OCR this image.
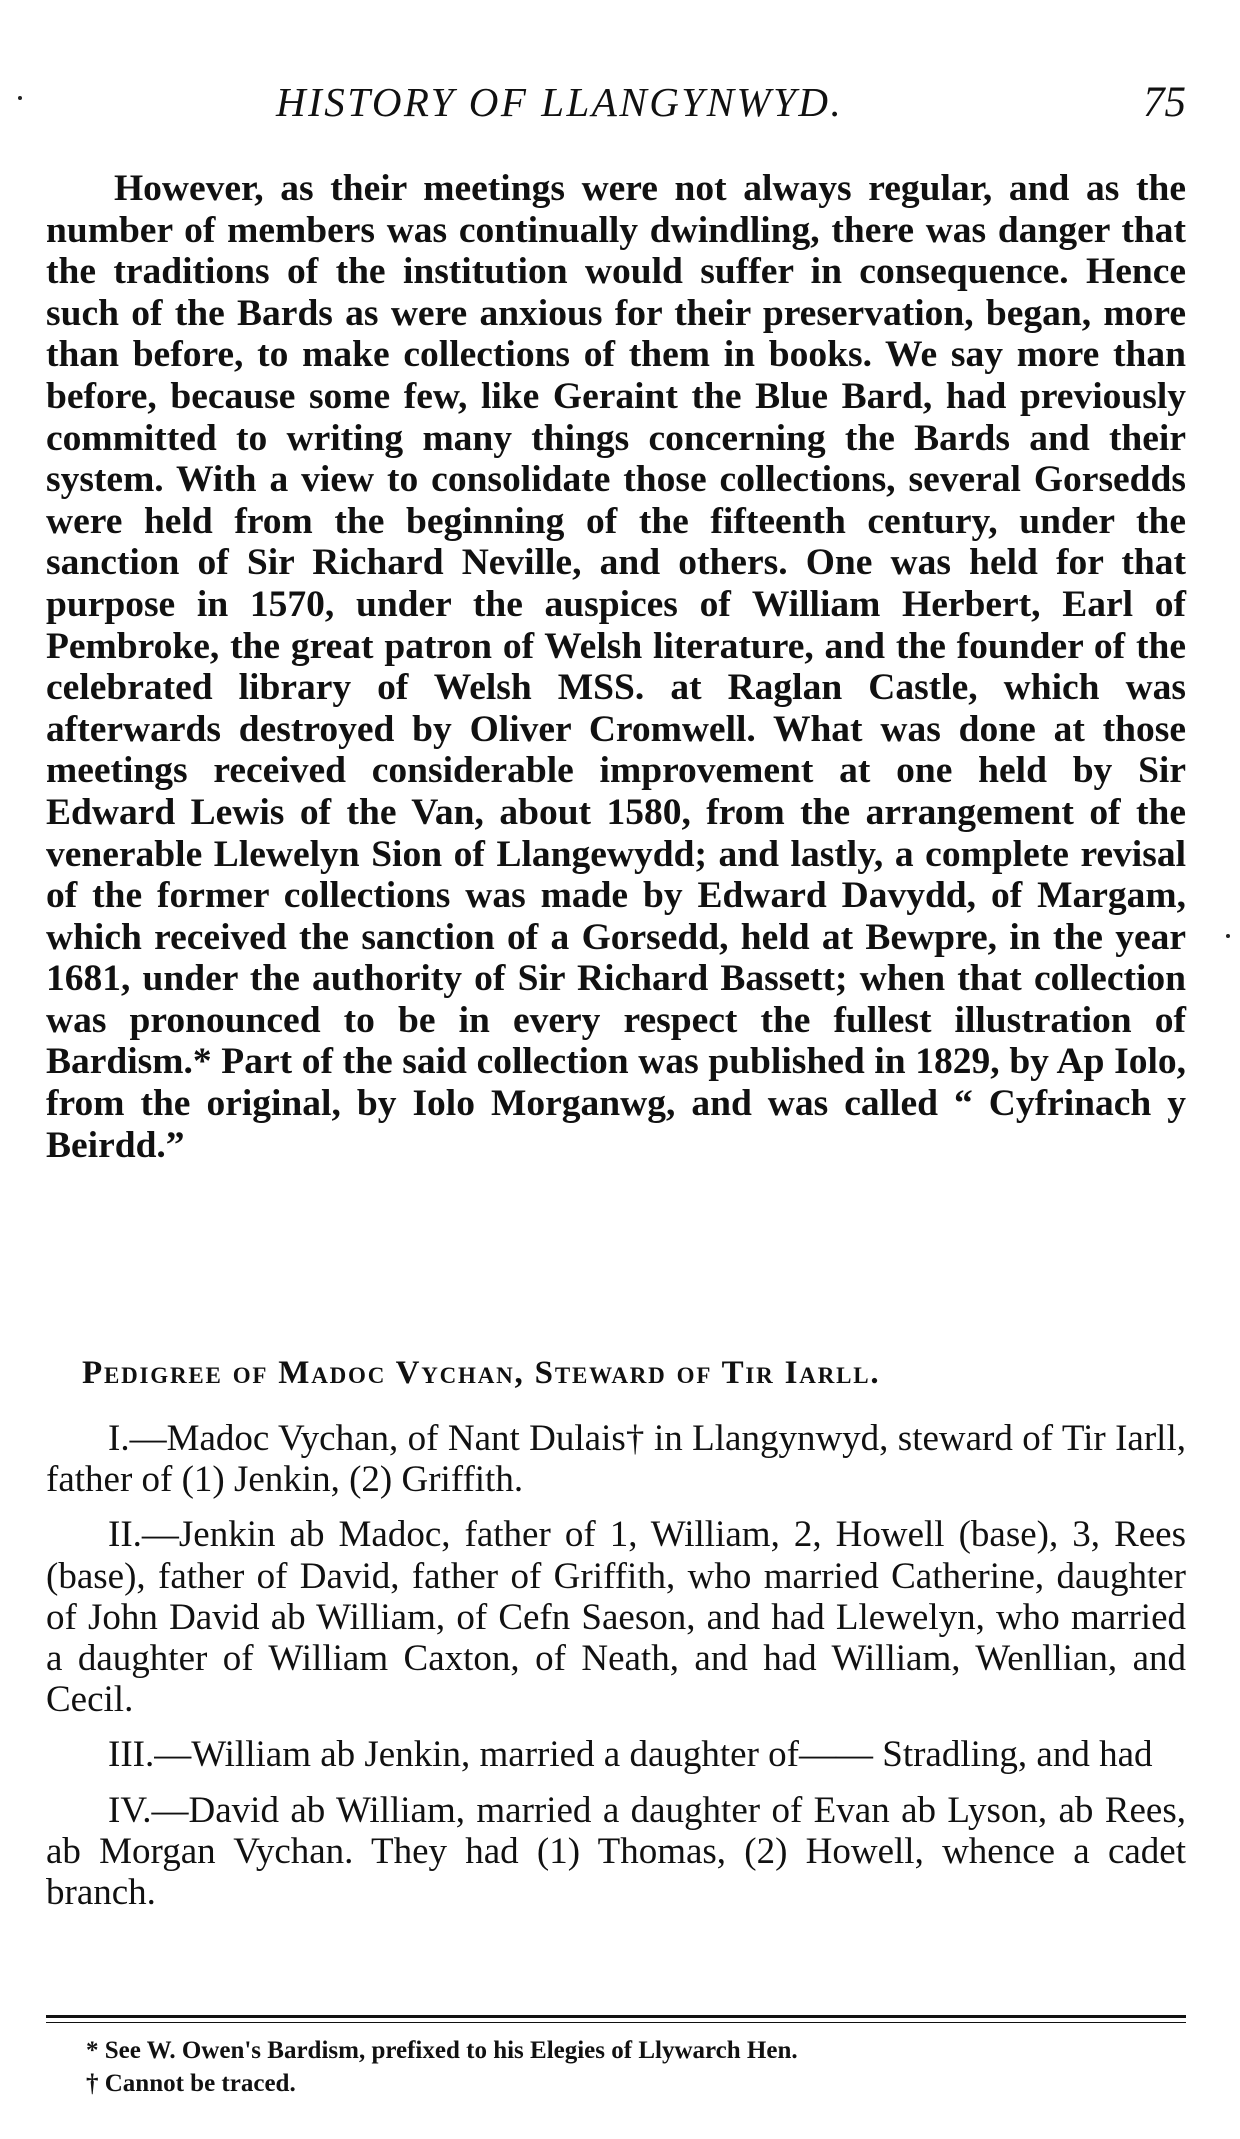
HISTORY OF LLANGYNWYD.	75

However, as their meetings were not always regular, and as the number of members was continually dwindling, there was danger that the traditions of the institution would suffer in consequence. Hence such of the Bards as were anxious for their preservation, began, more than before, to make collections of them in books. We say more than before, because some few, like Geraint the Blue Bard, had previously committed to writing many things concerning the Bards and their system. With a view to consolidate those collections, several Gorsedds were held from the beginning of the fifteenth century, under the sanction of Sir Richard Neville, and others. One was held for that purpose in 1570, under the auspices of William Herbert, Earl of Pembroke, the great patron of Welsh literature, and the founder of the celebrated library of Welsh MSS. at Raglan Castle, which was afterwards destroyed by Oliver Cromwell. What was done at those meetings received considerable improvement at one held by Sir Edward Lewis of the Van, about 1580, from the arrangement of the venerable Llewelyn Sion of Llangewydd; and lastly, a complete revisal of the former collections was made by Edward Davydd, of Margam, which received the sanction of a Gorsedd, held at Bewpre, in the year 1681, under the authority of Sir Richard Bassett; when that collection was pronounced to be in every respect the fullest illustration of Bardism.* Part of the said collection was published in 1829, by Ap Iolo, from the original, by Iolo Morganwg, and was called “ Cyfrinach y Beirdd.”

Pedigree of Madoc Vychan, Steward of Tir Iarll.

I.—Madoc Vychan, of Nant Dulais† in Llangynwyd, steward of Tir Iarll, father of (1) Jenkin, (2) Griffith.

II.—Jenkin ab Madoc, father of 1, William, 2, Howell (base), 3, Rees (base), father of David, father of Griffith, who married Catherine, daughter of John David ab William, of Cefn Saeson, and had Llewelyn, who married a daughter of William Caxton, of Neath, and had William, Wenllian, and Cecil.

III.—William ab Jenkin, married a daughter of—— Stradling, and had

IV.—David ab William, married a daughter of Evan ab Lyson, ab Rees, ab Morgan Vychan. They had (1) Thomas, (2) Howell, whence a cadet branch.

* See W. Owen's Bardism, prefixed to his Elegies of Llywarch Hen.

† Cannot be traced.
